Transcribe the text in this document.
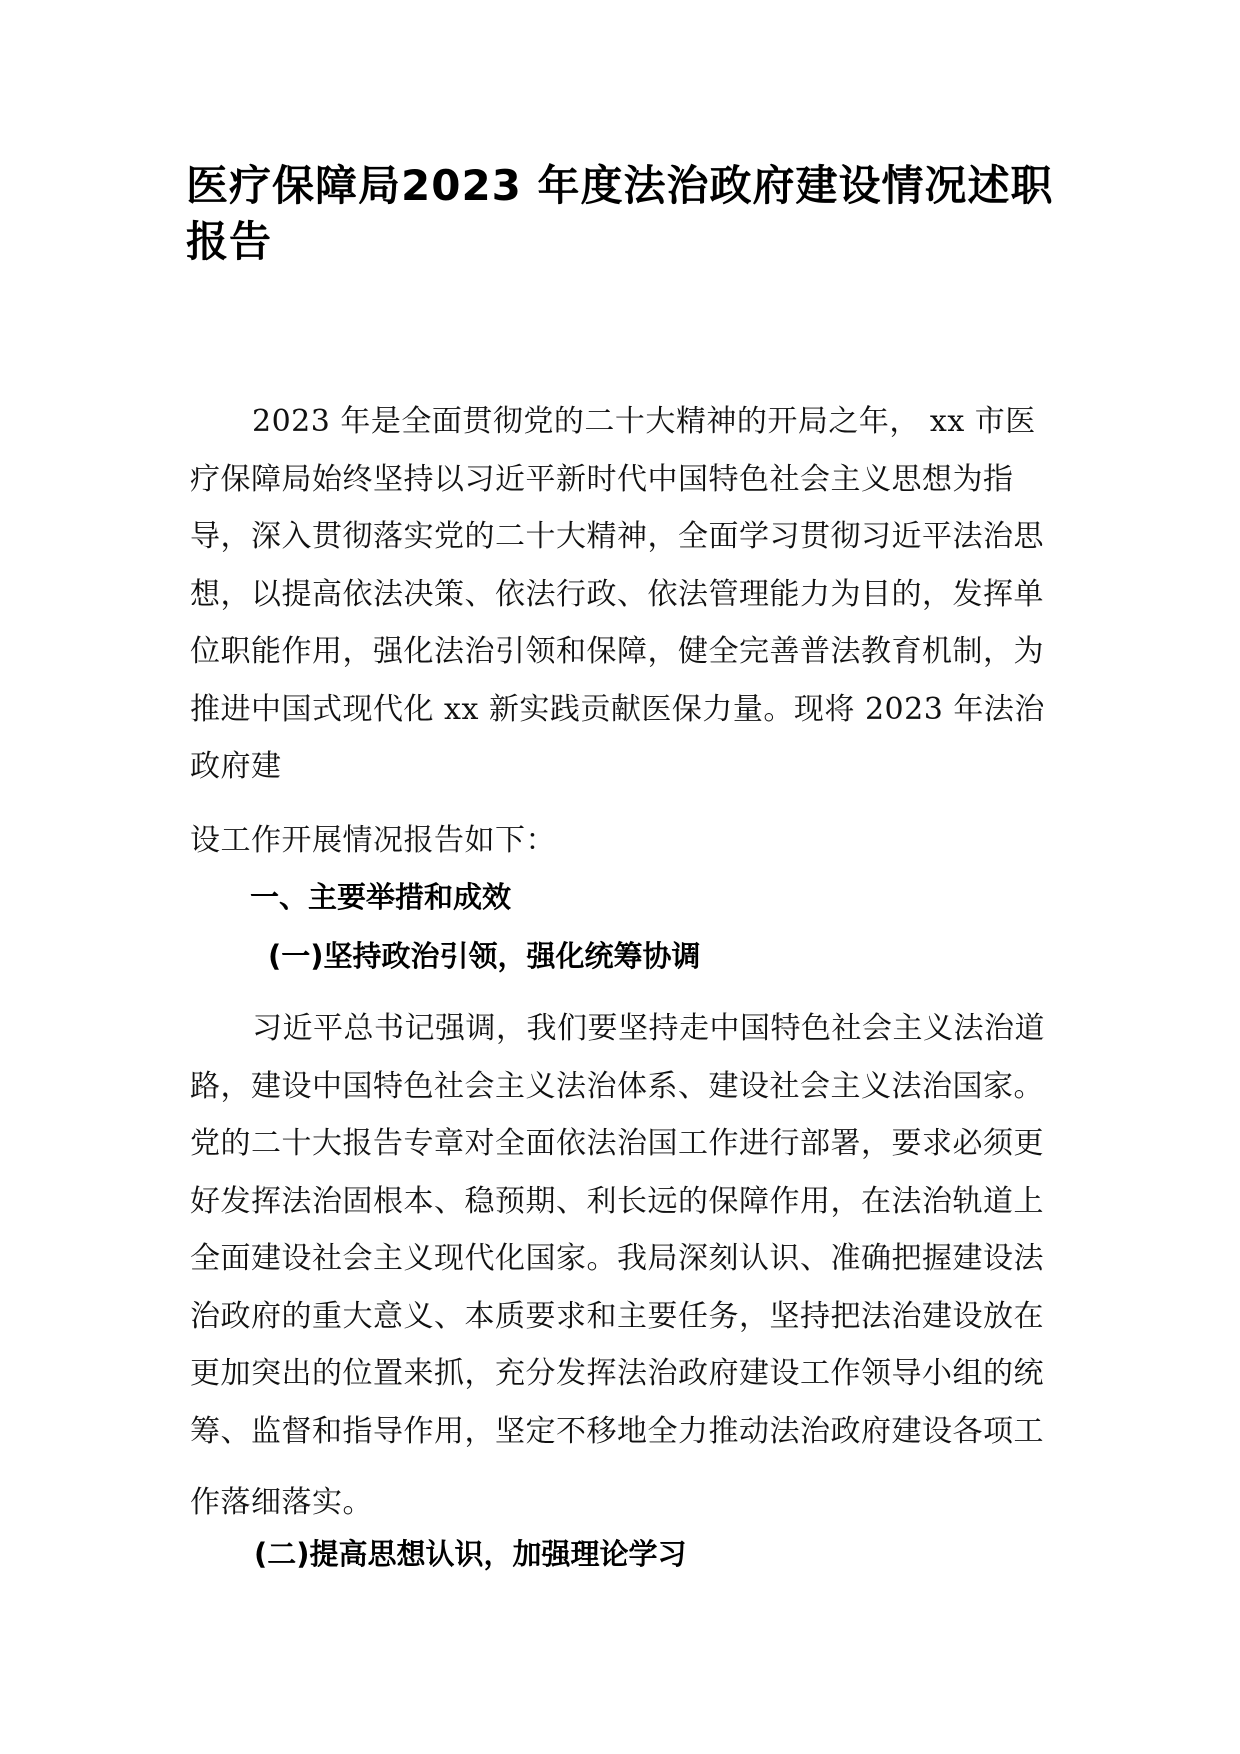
医疗保障局2023 年度法治政府建设情况述职报告

2023 年是全面贯彻党的二十大精神的开局之年， xx 市医疗保障局始终坚持以习近平新时代中国特色社会主义思想为指导，深入贯彻落实党的二十大精神，全面学习贯彻习近平法治思想，以提高依法决策、依法行政、依法管理能力为目的，发挥单位职能作用，强化法治引领和保障，健全完善普法教育机制，为推进中国式现代化 xx 新实践贡献医保力量。现将 2023 年法治政府建

设工作开展情况报告如下：

一、主要举措和成效
(一)坚持政治引领，强化统筹协调

习近平总书记强调，我们要坚持走中国特色社会主义法治道路，建设中国特色社会主义法治体系、建设社会主义法治国家。党的二十大报告专章对全面依法治国工作进行部署，要求必须更好发挥法治固根本、稳预期、利长远的保障作用，在法治轨道上全面建设社会主义现代化国家。我局深刻认识、准确把握建设法治政府的重大意义、本质要求和主要任务，坚持把法治建设放在更加突出的位置来抓，充分发挥法治政府建设工作领导小组的统筹、监督和指导作用，坚定不移地全力推动法治政府建设各项工

作落细落实。

(二)提高思想认识，加强理论学习
